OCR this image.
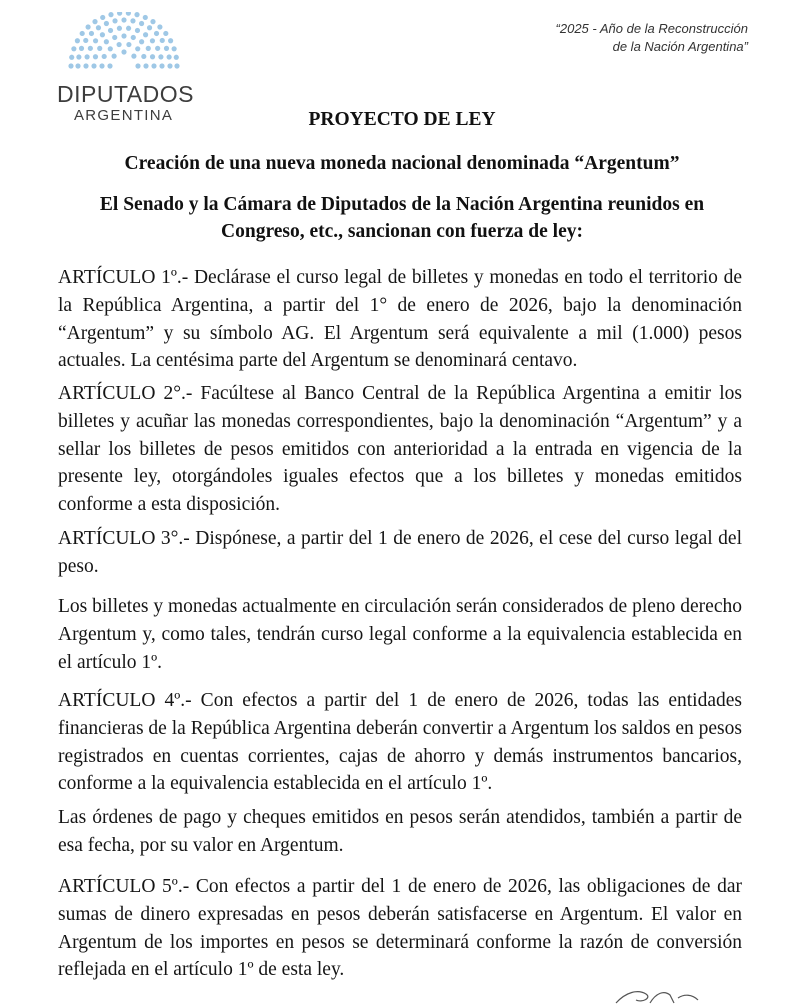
DIPUTADOS
ARGENTINA
“2025 - Año de la Reconstrucción
de la Nación Argentina”
PROYECTO DE LEY
Creación de una nueva moneda nacional denominada “Argentum”
El Senado y la Cámara de Diputados de la Nación Argentina reunidos en
Congreso, etc., sancionan con fuerza de ley:
ARTÍCULO 1º.- Declárase el curso legal de billetes y monedas en todo el territorio de la República Argentina, a partir del 1° de enero de 2026, bajo la denominación “Argentum” y su símbolo AG. El Argentum será equivalente a mil (1.000) pesos actuales. La centésima parte del Argentum se denominará centavo.
ARTÍCULO 2°.- Facúltese al Banco Central de la República Argentina a emitir los billetes y acuñar las monedas correspondientes, bajo la denominación “Argentum” y a sellar los billetes de pesos emitidos con anterioridad a la entrada en vigencia de la presente ley, otorgándoles iguales efectos que a los billetes y monedas emitidos conforme a esta disposición.
ARTÍCULO 3°.- Dispónese, a partir del 1 de enero de 2026, el cese del curso legal del peso.
Los billetes y monedas actualmente en circulación serán considerados de pleno derecho Argentum y, como tales, tendrán curso legal conforme a la equivalencia establecida en el artículo 1º.
ARTÍCULO 4º.- Con efectos a partir del 1 de enero de 2026, todas las entidades financieras de la República Argentina deberán convertir a Argentum los saldos en pesos registrados en cuentas corrientes, cajas de ahorro y demás instrumentos bancarios, conforme a la equivalencia establecida en el artículo 1º.
Las órdenes de pago y cheques emitidos en pesos serán atendidos, también a partir de esa fecha, por su valor en Argentum.
ARTÍCULO 5º.- Con efectos a partir del 1 de enero de 2026, las obligaciones de dar sumas de dinero expresadas en pesos deberán satisfacerse en Argentum. El valor en Argentum de los importes en pesos se determinará conforme la razón de conversión reflejada en el artículo 1º de esta ley.
